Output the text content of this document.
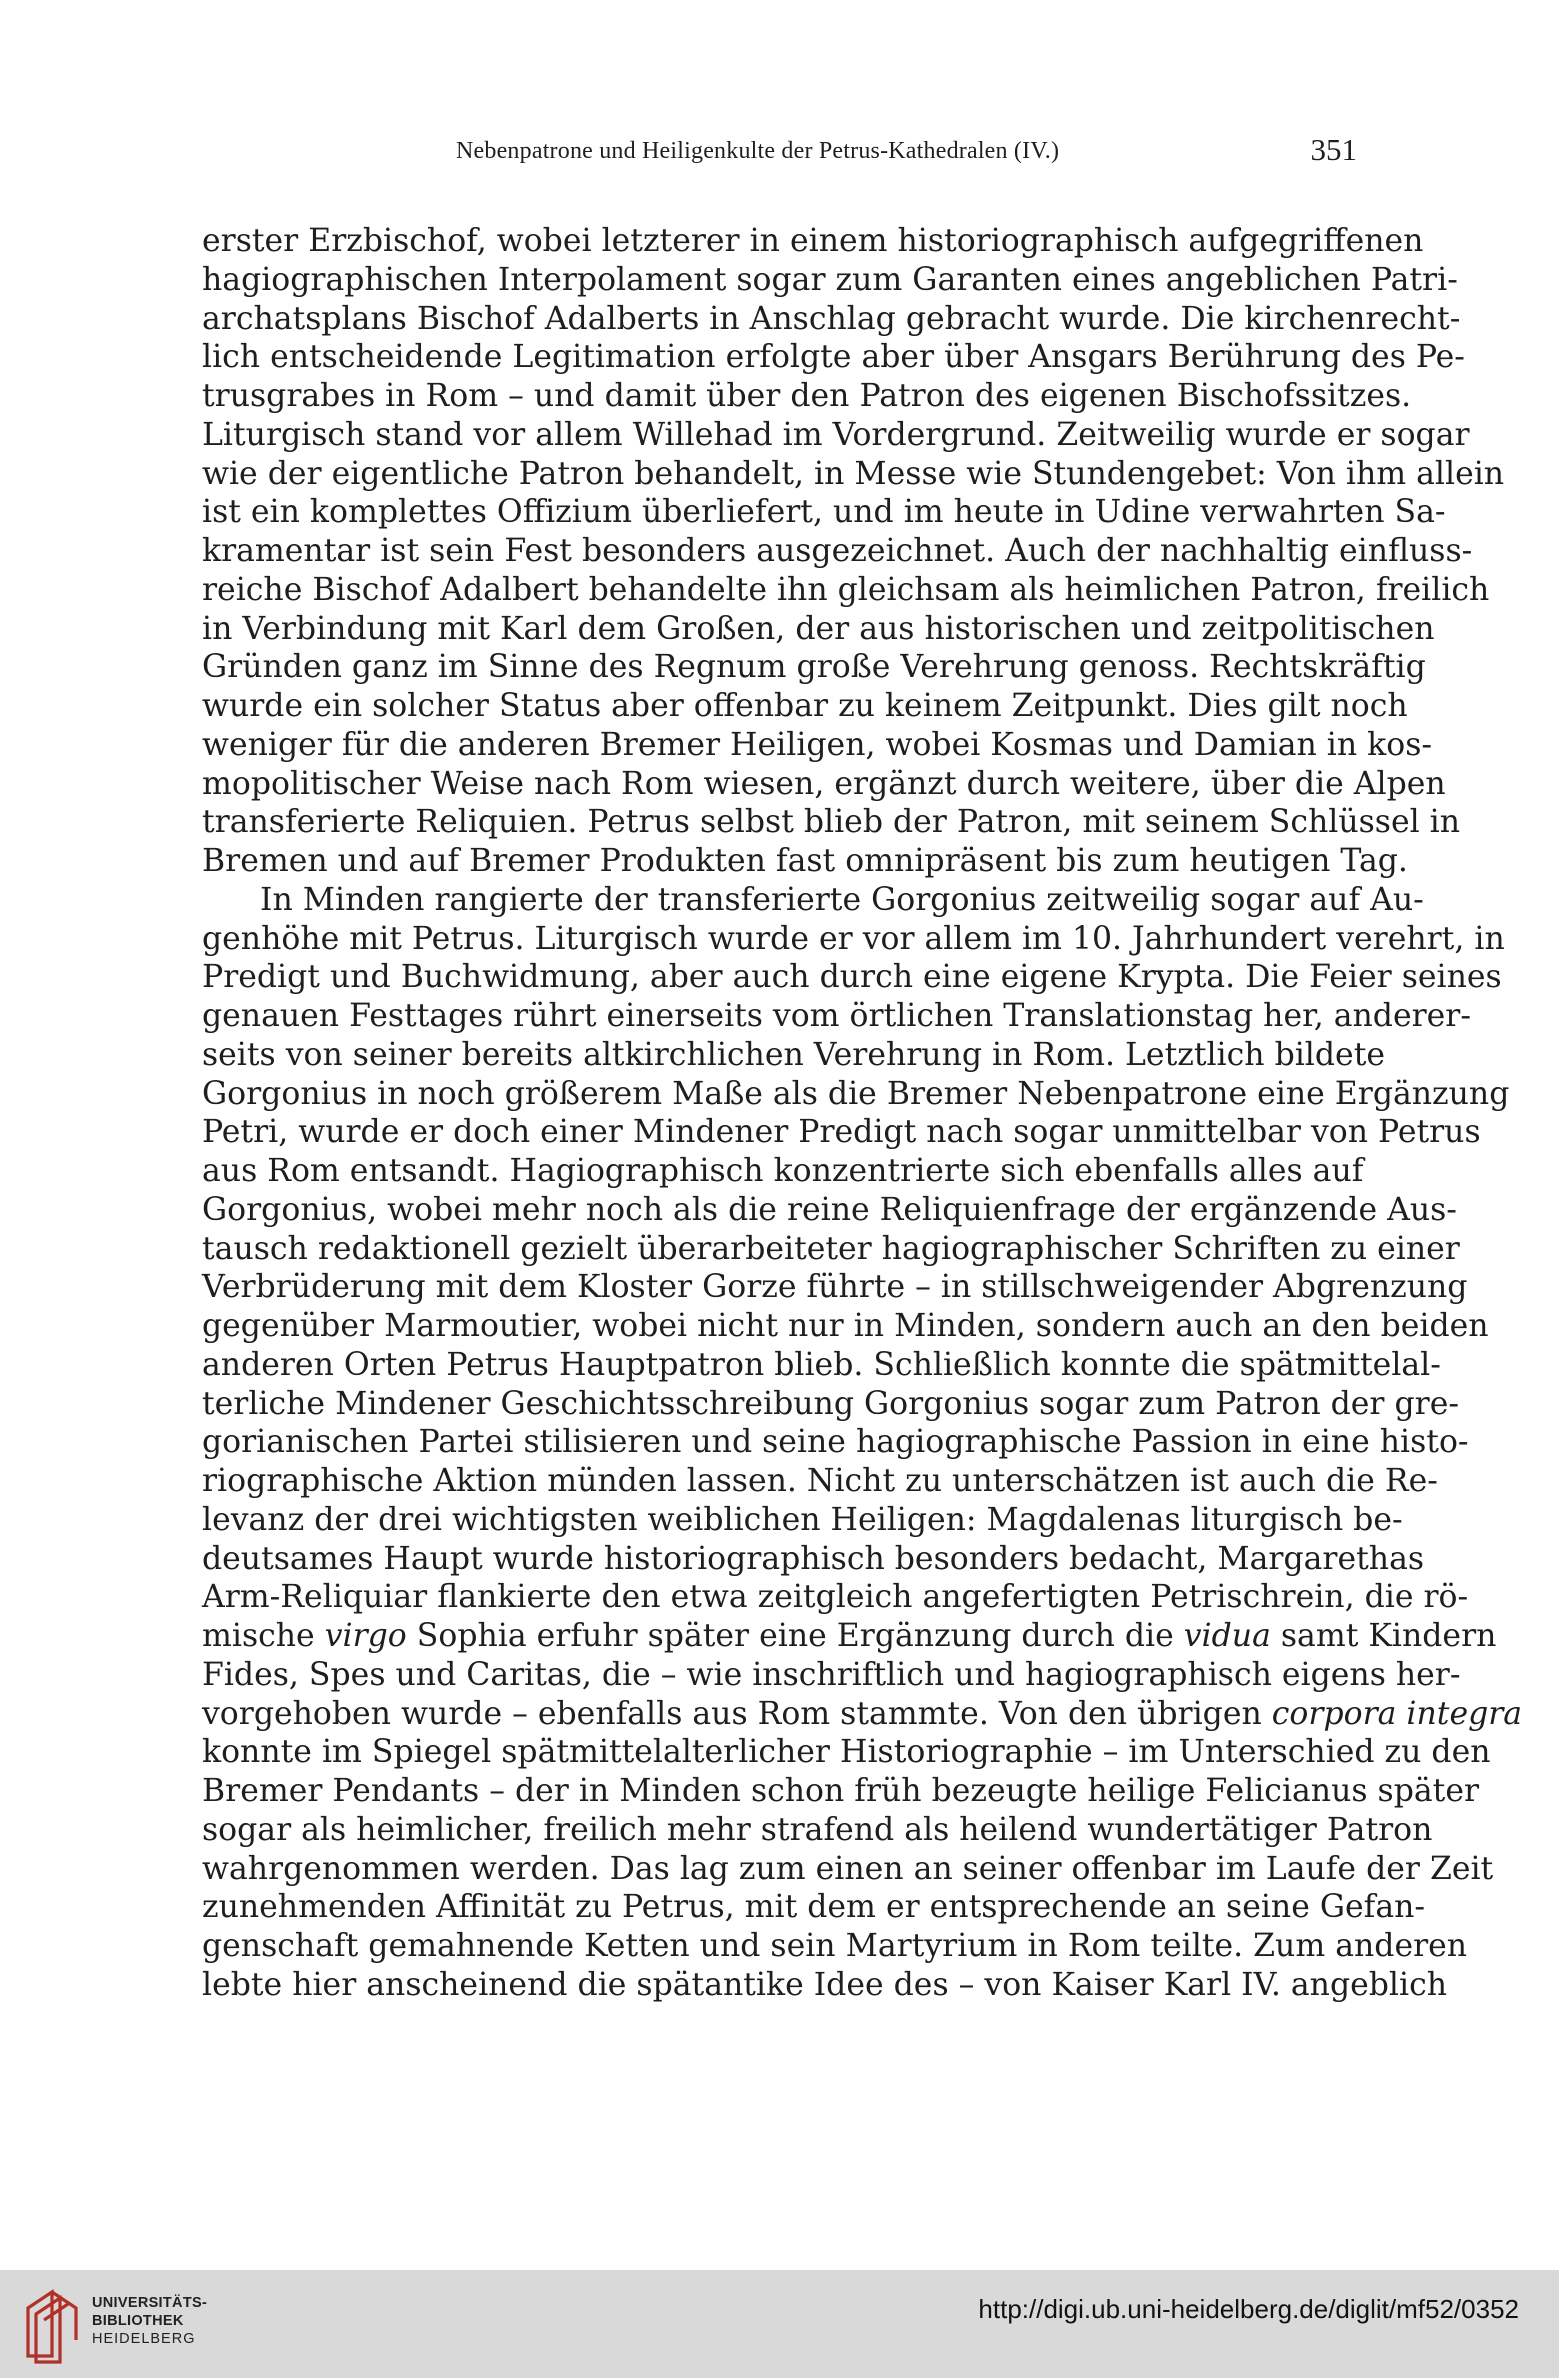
Nebenpatrone und Heiligenkulte der Petrus-Kathedralen (IV.)	351
erster Erzbischof, wobei letzterer in einem historiographisch aufgegriffenen
hagiographischen Interpolament sogar zum Garanten eines angeblichen Patri-
archatsplans Bischof Adalberts in Anschlag gebracht wurde. Die kirchenrecht-
lich entscheidende Legitimation erfolgte aber über Ansgars Berührung des Pe-
trusgrabes in Rom – und damit über den Patron des eigenen Bischofssitzes.
Liturgisch stand vor allem Willehad im Vordergrund. Zeitweilig wurde er sogar
wie der eigentliche Patron behandelt, in Messe wie Stundengebet: Von ihm allein
ist ein komplettes Offizium überliefert, und im heute in Udine verwahrten Sa-
kramentar ist sein Fest besonders ausgezeichnet. Auch der nachhaltig einfluss-
reiche Bischof Adalbert behandelte ihn gleichsam als heimlichen Patron, freilich
in Verbindung mit Karl dem Großen, der aus historischen und zeitpolitischen
Gründen ganz im Sinne des Regnum große Verehrung genoss. Rechtskräftig
wurde ein solcher Status aber offenbar zu keinem Zeitpunkt. Dies gilt noch
weniger für die anderen Bremer Heiligen, wobei Kosmas und Damian in kos-
mopolitischer Weise nach Rom wiesen, ergänzt durch weitere, über die Alpen
transferierte Reliquien. Petrus selbst blieb der Patron, mit seinem Schlüssel in
Bremen und auf Bremer Produkten fast omnipräsent bis zum heutigen Tag.
In Minden rangierte der transferierte Gorgonius zeitweilig sogar auf Au-
genhöhe mit Petrus. Liturgisch wurde er vor allem im 10. Jahrhundert verehrt, in
Predigt und Buchwidmung, aber auch durch eine eigene Krypta. Die Feier seines
genauen Festtages rührt einerseits vom örtlichen Translationstag her, anderer-
seits von seiner bereits altkirchlichen Verehrung in Rom. Letztlich bildete
Gorgonius in noch größerem Maße als die Bremer Nebenpatrone eine Ergänzung
Petri, wurde er doch einer Mindener Predigt nach sogar unmittelbar von Petrus
aus Rom entsandt. Hagiographisch konzentrierte sich ebenfalls alles auf
Gorgonius, wobei mehr noch als die reine Reliquienfrage der ergänzende Aus-
tausch redaktionell gezielt überarbeiteter hagiographischer Schriften zu einer
Verbrüderung mit dem Kloster Gorze führte – in stillschweigender Abgrenzung
gegenüber Marmoutier, wobei nicht nur in Minden, sondern auch an den beiden
anderen Orten Petrus Hauptpatron blieb. Schließlich konnte die spätmittelal-
terliche Mindener Geschichtsschreibung Gorgonius sogar zum Patron der gre-
gorianischen Partei stilisieren und seine hagiographische Passion in eine histo-
riographische Aktion münden lassen. Nicht zu unterschätzen ist auch die Re-
levanz der drei wichtigsten weiblichen Heiligen: Magdalenas liturgisch be-
deutsames Haupt wurde historiographisch besonders bedacht, Margarethas
Arm-Reliquiar flankierte den etwa zeitgleich angefertigten Petrischrein, die rö-
mische virgo Sophia erfuhr später eine Ergänzung durch die vidua samt Kindern
Fides, Spes und Caritas, die – wie inschriftlich und hagiographisch eigens her-
vorgehoben wurde – ebenfalls aus Rom stammte. Von den übrigen corpora integra
konnte im Spiegel spätmittelalterlicher Historiographie – im Unterschied zu den
Bremer Pendants – der in Minden schon früh bezeugte heilige Felicianus später
sogar als heimlicher, freilich mehr strafend als heilend wundertätiger Patron
wahrgenommen werden. Das lag zum einen an seiner offenbar im Laufe der Zeit
zunehmenden Affinität zu Petrus, mit dem er entsprechende an seine Gefan-
genschaft gemahnende Ketten und sein Martyrium in Rom teilte. Zum anderen
lebte hier anscheinend die spätantike Idee des – von Kaiser Karl IV. angeblich
UNIVERSITÄTS-
BIBLIOTHEK
HEIDELBERG
http://digi.ub.uni-heidelberg.de/diglit/mf52/0352
